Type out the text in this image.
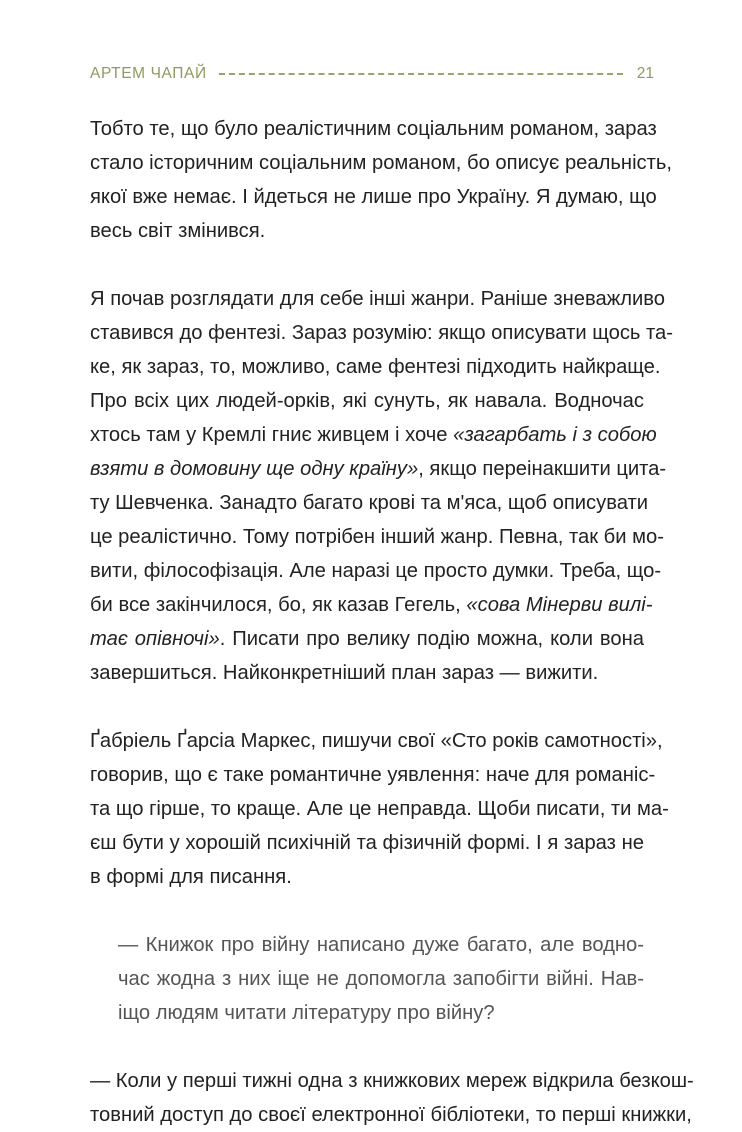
АРТЕМ ЧАПАЙ	21
Тобто те, що було реалістичним соціальним романом, зараз
стало історичним соціальним романом, бо описує реальність,
якої вже немає. І йдеться не лише про Україну. Я думаю, що
весь світ змінився.
Я почав розглядати для себе інші жанри. Раніше зневажливо
ставився до фентезі. Зараз розумію: якщо описувати щось та-
ке, як зараз, то, можливо, саме фентезі підходить найкраще.
Про всіх цих людей-орків, які сунуть, як навала. Водночас
хтось там у Кремлі гниє живцем і хоче «загарбать і з собою
взяти в домовину ще одну країну», якщо переінакшити цита-
ту Шевченка. Занадто багато крові та м'яса, щоб описувати
це реалістично. Тому потрібен інший жанр. Певна, так би мо-
вити, філософізація. Але наразі це просто думки. Треба, що-
би все закінчилося, бо, як казав Гегель, «сова Мінерви вилі-
тає опівночі». Писати про велику подію можна, коли вона
завершиться. Найконкретніший план зараз — вижити.
Ґабріель Ґарсіа Маркес, пишучи свої «Сто років самотності»,
говорив, що є таке романтичне уявлення: наче для романіс-
та що гірше, то краще. Але це неправда. Щоби писати, ти ма-
єш бути у хорошій психічній та фізичній формі. І я зараз не
в формі для писання.
— Книжок про війну написано дуже багато, але водно-
час жодна з них іще не допомогла запобігти війні. Нав-
іщо людям читати літературу про війну?
— Коли у перші тижні одна з книжкових мереж відкрила безкош-
товний доступ до своєї електронної бібліотеки, то перші книжки,
